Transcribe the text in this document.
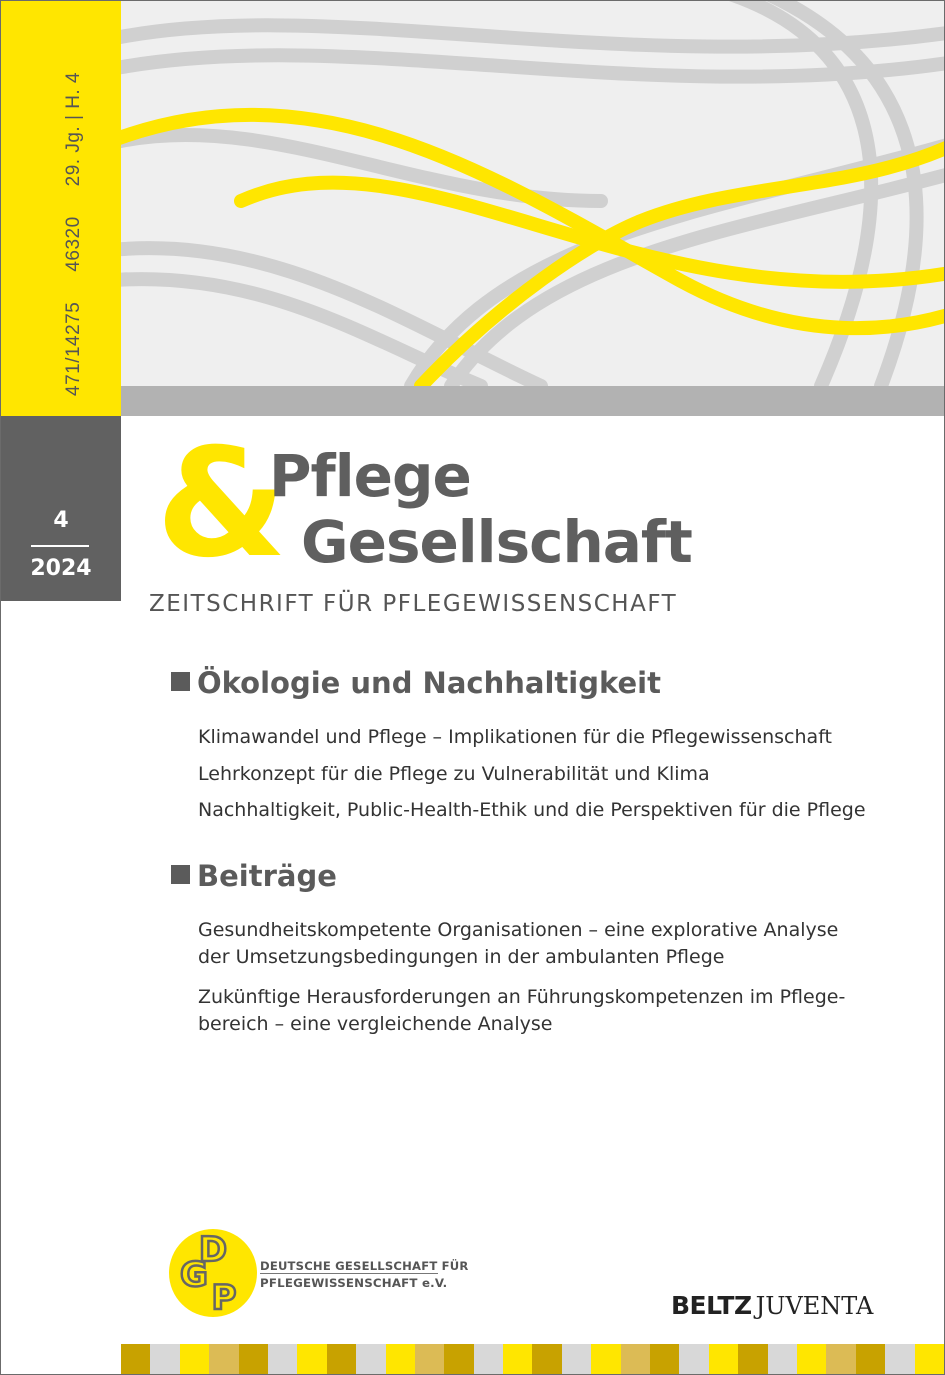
471/142754632029. Jg. | H. 4
4
2024 &
Pflege
Gesellschaft
ZEITSCHRIFT FÜR PFLEGEWISSENSCHAFT
Ökologie und Nachhaltigkeit
Klimawandel und Pflege – Implikationen für die Pflegewissenschaft
Lehrkonzept für die Pflege zu Vulnerabilität und Klima
Nachhaltigkeit, Public-Health-Ethik und die Perspektiven für die Pflege
Beiträge
Gesundheitskompetente Organisationen – eine explorative Analyse
der Umsetzungsbedingungen in der ambulanten Pflege
Zukünftige Herausforderungen an Führungskompetenzen im Pflege-
bereich – eine vergleichende Analyse
D
G
P
DEUTSCHE GESELLSCHAFT FÜR
PFLEGEWISSENSCHAFT e.V.
BELTZ JUVENTA
